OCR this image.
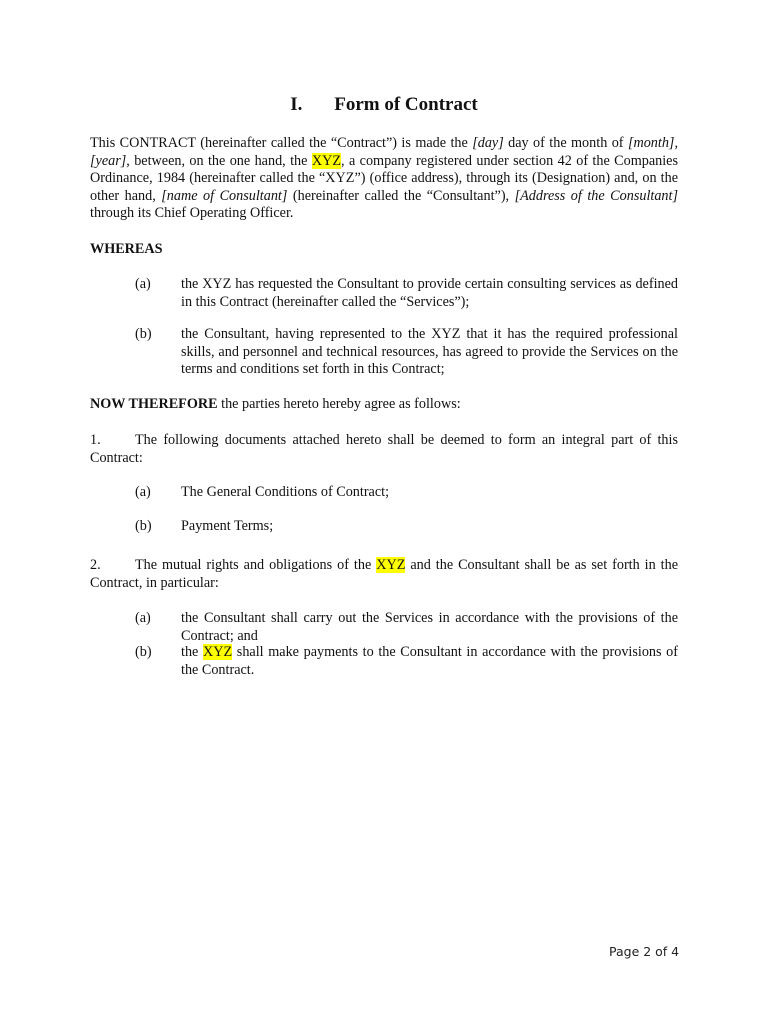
I. Form of Contract
This CONTRACT (hereinafter called the “Contract”) is made the [day] day of the month of [month], [year], between, on the one hand, the XYZ, a company registered under section 42 of the Companies Ordinance, 1984 (hereinafter called the “XYZ”) (office address), through its (Designation) and, on the other hand, [name of Consultant] (hereinafter called the “Consultant”), [Address of the Consultant] through its Chief Operating Officer.
WHEREAS
(a) the XYZ has requested the Consultant to provide certain consulting services as defined in this Contract (hereinafter called the “Services”);
(b) the Consultant, having represented to the XYZ that it has the required professional skills, and personnel and technical resources, has agreed to provide the Services on the terms and conditions set forth in this Contract;
NOW THEREFORE the parties hereto hereby agree as follows:
1. The following documents attached hereto shall be deemed to form an integral part of this Contract:
(a) The General Conditions of Contract;
(b) Payment Terms;
2. The mutual rights and obligations of the XYZ and the Consultant shall be as set forth in the Contract, in particular:
(a) the Consultant shall carry out the Services in accordance with the provisions of the Contract; and
(b) the XYZ shall make payments to the Consultant in accordance with the provisions of the Contract.
Page 2 of 4
